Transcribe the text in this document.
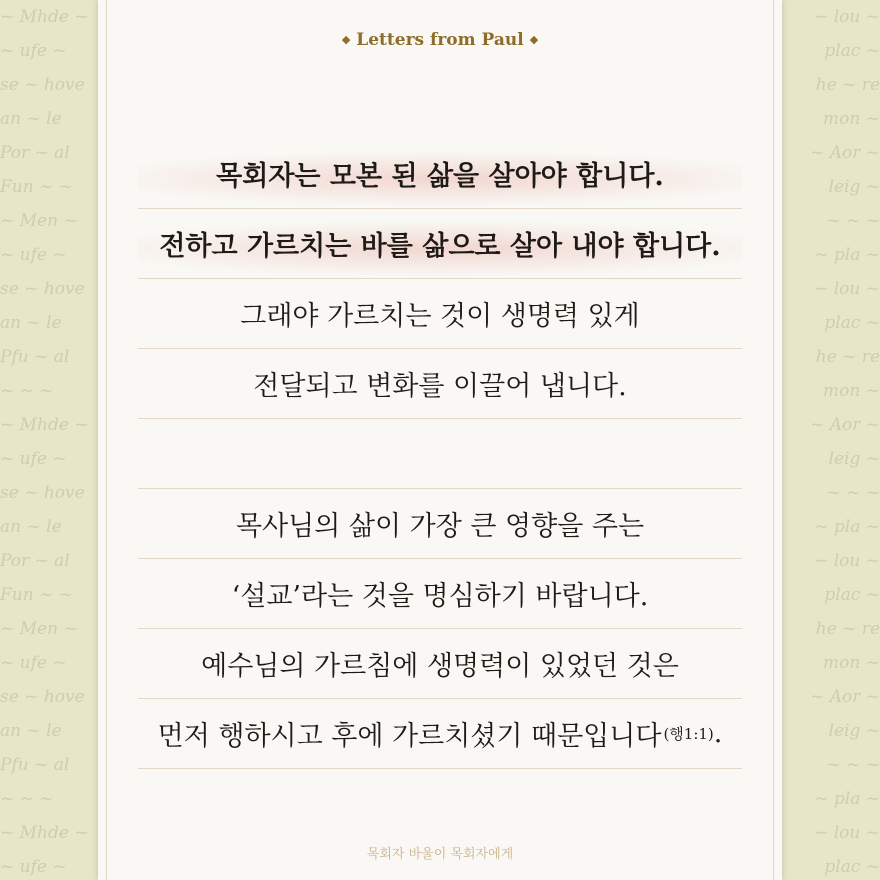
~ Mhde ~
~ ufe ~
se ~ hove
an ~ le
Por ~ al
Fun ~ ~
~ Men ~
~ ufe ~
se ~ hove
an ~ le
Pfu ~ al
~ ~ ~
~ Mhde ~
~ ufe ~
se ~ hove
an ~ le
Por ~ al
Fun ~ ~
~ Men ~
~ ufe ~
se ~ hove
an ~ le
Pfu ~ al
~ ~ ~
~ Mhde ~
~ ufe ~
~ lou ~
plac ~
he ~ re
mon ~
~ Aor ~
leig ~
~ ~ ~
~ pla ~
~ lou ~
plac ~
he ~ re
mon ~
~ Aor ~
leig ~
~ ~ ~
~ pla ~
~ lou ~
plac ~
he ~ re
mon ~
~ Aor ~
leig ~
~ ~ ~
~ pla ~
~ lou ~
plac ~
◆ Letters from Paul ◆
목회자는 모본 된 삶을 살아야 합니다.
전하고 가르치는 바를 삶으로 살아 내야 합니다.
그래야 가르치는 것이 생명력 있게
전달되고 변화를 이끌어 냅니다.
목사님의 삶이 가장 큰 영향을 주는
‘설교’라는 것을 명심하기 바랍니다.
예수님의 가르침에 생명력이 있었던 것은
먼저 행하시고 후에 가르치셨기 때문입니다 (행1:1) .
목회자 바울이 목회자에게
